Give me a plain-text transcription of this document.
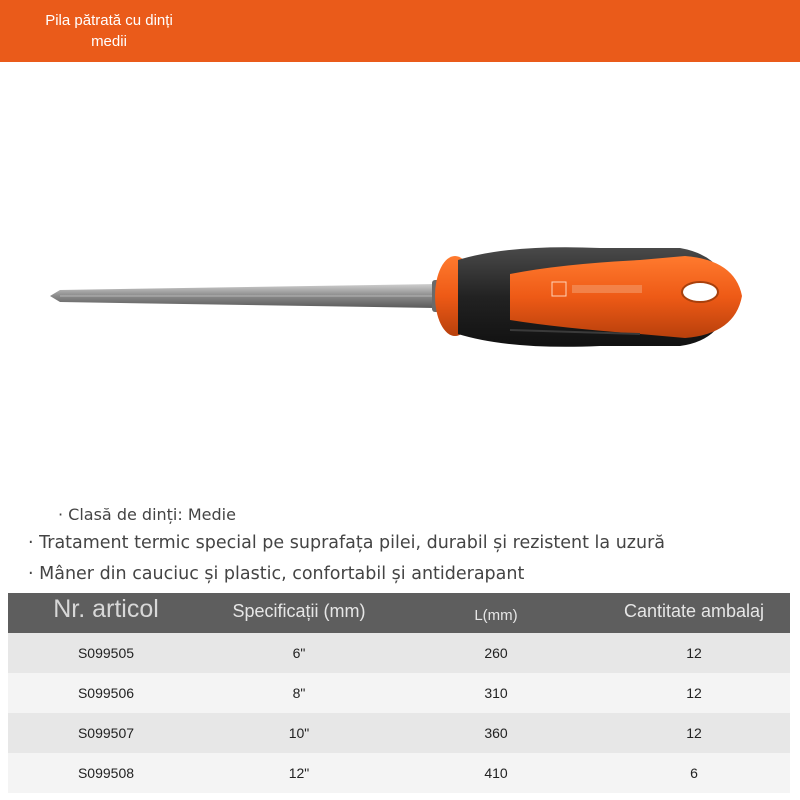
Pila pătrată cu dinți medii
· Clasă de dinți: Medie
· Tratament termic special pe suprafața pilei, durabil și rezistent la uzură
· Mâner din cauciuc și plastic, confortabil și antiderapant
Nr. articol	Specificații (mm)	L(mm)	Cantitate ambalaj
S099505	6"	260	12
S099506	8"	310	12
S099507	10"	360	12
S099508	12"	410	6
